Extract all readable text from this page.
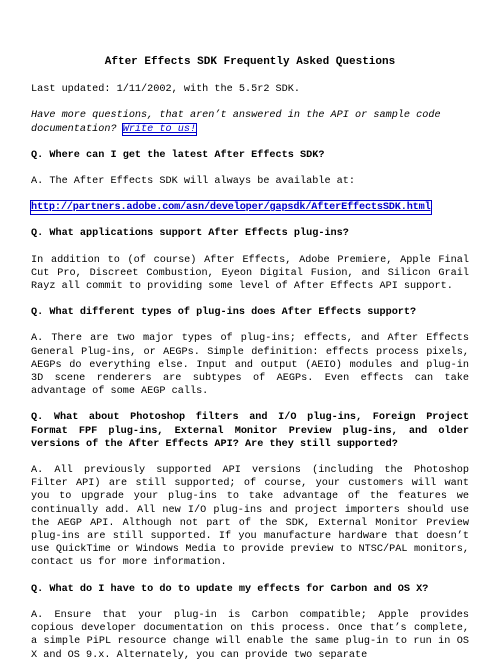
After Effects SDK Frequently Asked Questions

Last updated: 1/11/2002, with the 5.5r2 SDK.

Have more questions, that aren’t answered in the API or sample code documentation? Write to us!

Q. Where can I get the latest After Effects SDK?

A. The After Effects SDK will always be available at:

http://partners.adobe.com/asn/developer/gapsdk/AfterEffectsSDK.html

Q. What applications support After Effects plug-ins?

In addition to (of course) After Effects, Adobe Premiere, Apple Final Cut Pro, Discreet Combustion, Eyeon Digital Fusion, and Silicon Grail Rayz all commit to providing some level of After Effects API support.

Q. What different types of plug-ins does After Effects support?

A. There are two major types of plug-ins; effects, and After Effects General Plug-ins, or AEGPs. Simple definition: effects process pixels, AEGPs do everything else. Input and output (AEIO) modules and plug-in 3D scene renderers are subtypes of AEGPs. Even effects can take advantage of some AEGP calls.

Q. What about Photoshop filters and I/O plug-ins, Foreign Project Format FPF plug-ins, External Monitor Preview plug-ins, and older versions of the After Effects API? Are they still supported?

A. All previously supported API versions (including the Photoshop Filter API) are still supported; of course, your customers will want you to upgrade your plug-ins to take advantage of the features we continually add. All new I/O plug-ins and project importers should use the AEGP API. Although not part of the SDK, External Monitor Preview plug-ins are still supported. If you manufacture hardware that doesn’t use QuickTime or Windows Media to provide preview to NTSC/PAL monitors, contact us for more information.

Q. What do I have to do to update my effects for Carbon and OS X?

A. Ensure that your plug-in is Carbon compatible; Apple provides copious developer documentation on this process. Once that’s complete, a simple PiPL resource change will enable the same plug-in to run in OS X and OS 9.x. Alternately, you can provide two separate
